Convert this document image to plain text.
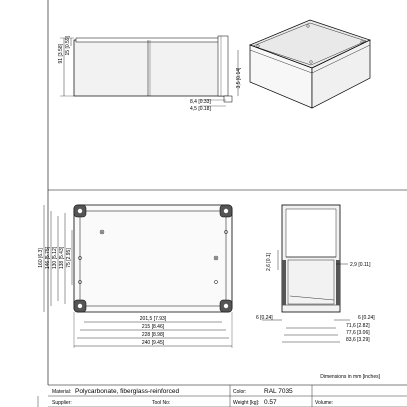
91 [3.58] 15 [0.59]
3,5 [0.14]
8,4 [0.33]
4,5 [0.18]
160 [6.3] 146 [5.75] 130 [5.12] 138 [5.43] 75 [2.95]
201,5 [7.93]
215 [8.46]
228 [8.98]
240 [9.45]
2,6 [0.1]	2,9 [0.11]
6 [0.24]	6 [0.24]
71,6 [2.82]
77,6 [3.06]
83,6 [3.29]
Dimensions in mm [inches]
Material: Polycarbonate, fiberglass-reinforced	Color:	RAL 7035
Supplier:	Tool No:	Weight [kg]: 0.57	Volume:
